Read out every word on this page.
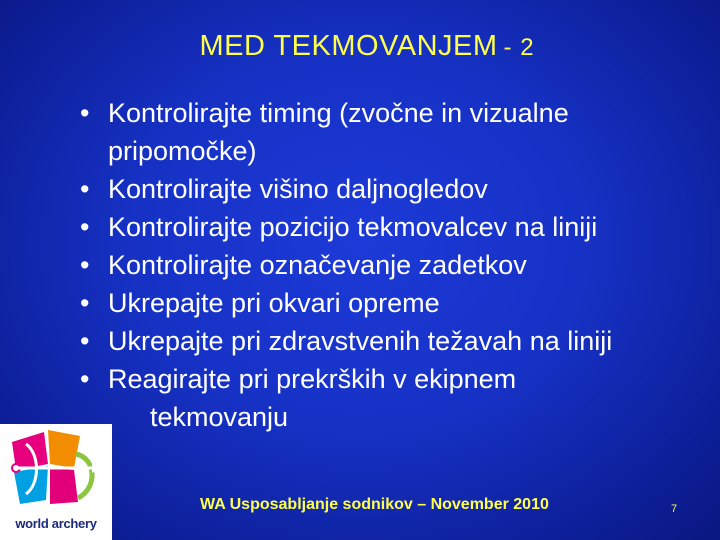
MED TEKMOVANJEM - 2
• Kontrolirajte timing (zvočne in vizualne
pripomočke)
• Kontrolirajte višino daljnogledov
• Kontrolirajte pozicijo tekmovalcev na liniji
• Kontrolirajte označevanje zadetkov
• Ukrepajte pri okvari opreme
• Ukrepajte pri zdravstvenih težavah na liniji
• Reagirajte pri prekrških v ekipnem
tekmovanju
world archery
WA Usposabljanje sodnikov – November 2010	7
